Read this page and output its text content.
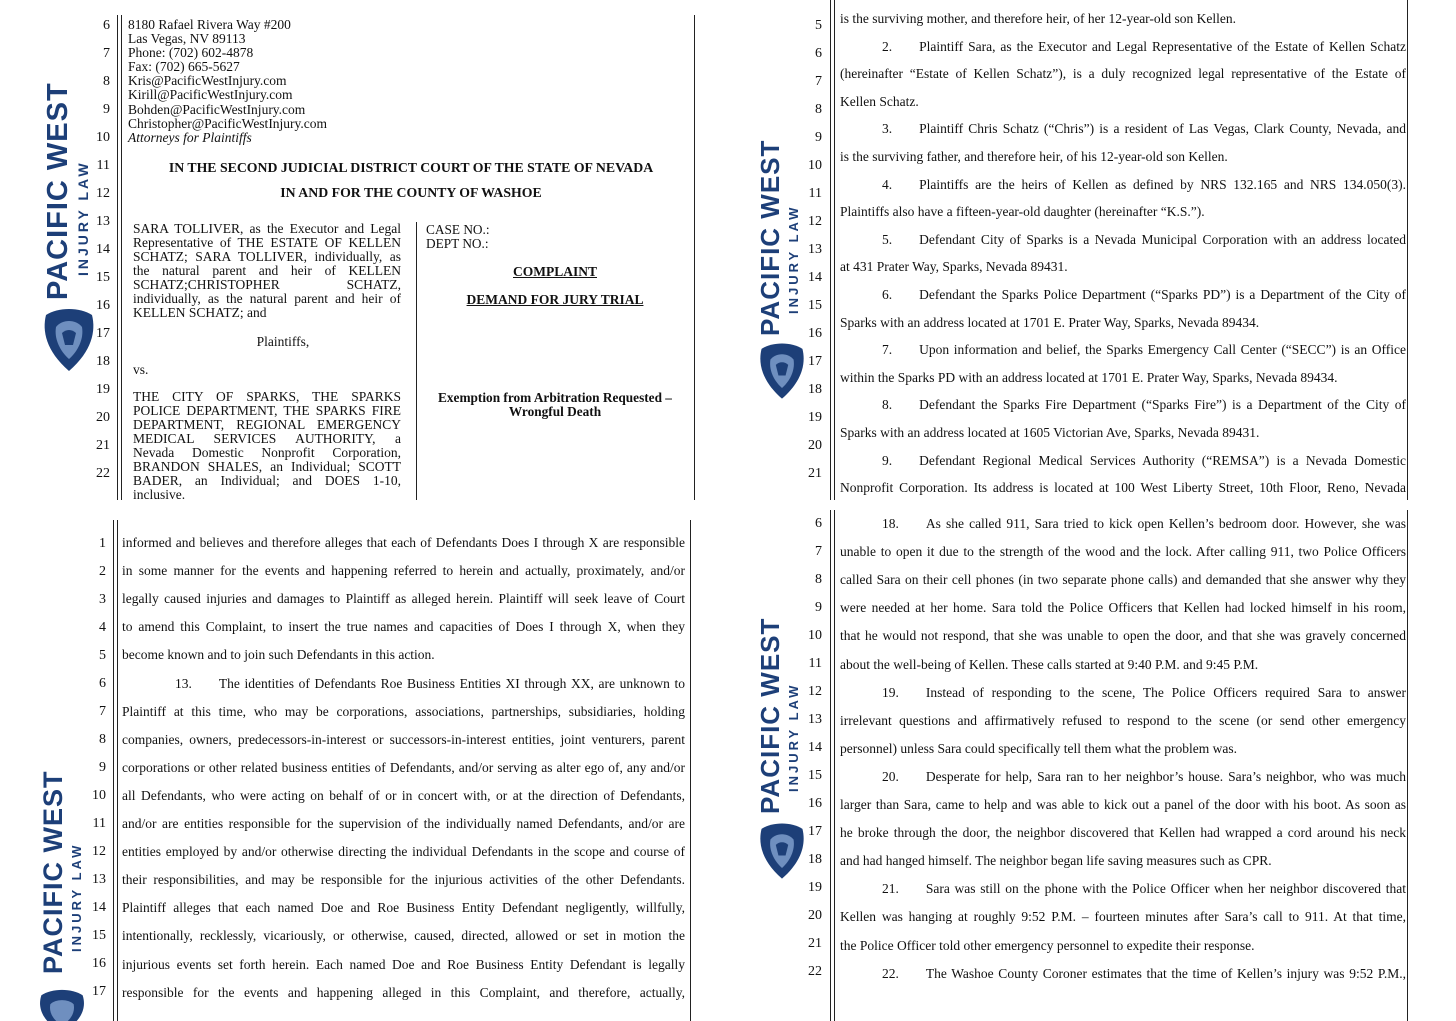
PACIFIC WEST INJURY LAW
6
7
8
9
10
11
12
13
14
15
16
17
18
19
20
21
22
8180 Rafael Rivera Way #200
Las Vegas, NV 89113
Phone: (702) 602-4878
Fax: (702) 665-5627
Kris@PacificWestInjury.com
Kirill@PacificWestInjury.com
Bohden@PacificWestInjury.com
Christopher@PacificWestInjury.com
Attorneys for Plaintiffs
IN THE SECOND JUDICIAL DISTRICT COURT OF THE STATE OF NEVADA
IN AND FOR THE COUNTY OF WASHOE
SARA TOLLIVER, as the Executor and Legal
Representative of THE ESTATE OF KELLEN
SCHATZ; SARA TOLLIVER, individually, as
the natural parent and heir of KELLEN
SCHATZ;CHRISTOPHER SCHATZ,
individually, as the natural parent and heir of
KELLEN SCHATZ; and
Plaintiffs,
vs.
THE CITY OF SPARKS, THE SPARKS
POLICE DEPARTMENT, THE SPARKS FIRE
DEPARTMENT, REGIONAL EMERGENCY
MEDICAL SERVICES AUTHORITY, a
Nevada Domestic Nonprofit Corporation,
BRANDON SHALES, an Individual; SCOTT
BADER, an Individual; and DOES 1-10,
inclusive.
CASE NO.:
DEPT NO.:
COMPLAINT
DEMAND FOR JURY TRIAL
Exemption from Arbitration Requested –
Wrongful Death
PACIFIC WEST INJURY LAW
5
6
7
8
9
10
11
12
13
14
15
16
17
18
19
20
21
is the surviving mother, and therefore heir, of her 12-year-old son Kellen.
2.  Plaintiff Sara, as the Executor and Legal Representative of the Estate of Kellen Schatz
(hereinafter “Estate of Kellen Schatz”), is a duly recognized legal representative of the Estate of
Kellen Schatz.
3.  Plaintiff Chris Schatz (“Chris”) is a resident of Las Vegas, Clark County, Nevada, and
is the surviving father, and therefore heir, of his 12-year-old son Kellen.
4.  Plaintiffs are the heirs of Kellen as defined by NRS 132.165 and NRS 134.050(3).
Plaintiffs also have a fifteen-year-old daughter (hereinafter “K.S.”).
5.  Defendant City of Sparks is a Nevada Municipal Corporation with an address located
at 431 Prater Way, Sparks, Nevada 89431.
6.  Defendant the Sparks Police Department (“Sparks PD”) is a Department of the City of
Sparks with an address located at 1701 E. Prater Way, Sparks, Nevada 89434.
7.  Upon information and belief, the Sparks Emergency Call Center (“SECC”) is an Office
within the Sparks PD with an address located at 1701 E. Prater Way, Sparks, Nevada 89434.
8.  Defendant the Sparks Fire Department (“Sparks Fire”) is a Department of the City of
Sparks with an address located at 1605 Victorian Ave, Sparks, Nevada 89431.
9.  Defendant Regional Medical Services Authority (“REMSA”) is a Nevada Domestic
Nonprofit Corporation. Its address is located at 100 West Liberty Street, 10th Floor, Reno, Nevada
PACIFIC WEST INJURY LAW
1
2
3
4
5
6
7
8
9
10
11
12
13
14
15
16
17
informed and believes and therefore alleges that each of Defendants Does I through X are responsible
in some manner for the events and happening referred to herein and actually, proximately, and/or
legally caused injuries and damages to Plaintiff as alleged herein. Plaintiff will seek leave of Court
to amend this Complaint, to insert the true names and capacities of Does I through X, when they
become known and to join such Defendants in this action.
13.  The identities of Defendants Roe Business Entities XI through XX, are unknown to
Plaintiff at this time, who may be corporations, associations, partnerships, subsidiaries, holding
companies, owners, predecessors-in-interest or successors-in-interest entities, joint venturers, parent
corporations or other related business entities of Defendants, and/or serving as alter ego of, any and/or
all Defendants, who were acting on behalf of or in concert with, or at the direction of Defendants,
and/or are entities responsible for the supervision of the individually named Defendants, and/or are
entities employed by and/or otherwise directing the individual Defendants in the scope and course of
their responsibilities, and may be responsible for the injurious activities of the other Defendants.
Plaintiff alleges that each named Doe and Roe Business Entity Defendant negligently, willfully,
intentionally, recklessly, vicariously, or otherwise, caused, directed, allowed or set in motion the
injurious events set forth herein. Each named Doe and Roe Business Entity Defendant is legally
responsible for the events and happening alleged in this Complaint, and therefore, actually,
PACIFIC WEST INJURY LAW
6
7
8
9
10
11
12
13
14
15
16
17
18
19
20
21
22
18.  As she called 911, Sara tried to kick open Kellen’s bedroom door. However, she was
unable to open it due to the strength of the wood and the lock. After calling 911, two Police Officers
called Sara on their cell phones (in two separate phone calls) and demanded that she answer why they
were needed at her home. Sara told the Police Officers that Kellen had locked himself in his room,
that he would not respond, that she was unable to open the door, and that she was gravely concerned
about the well-being of Kellen. These calls started at 9:40 P.M. and 9:45 P.M.
19.  Instead of responding to the scene, The Police Officers required Sara to answer
irrelevant questions and affirmatively refused to respond to the scene (or send other emergency
personnel) unless Sara could specifically tell them what the problem was.
20.  Desperate for help, Sara ran to her neighbor’s house. Sara’s neighbor, who was much
larger than Sara, came to help and was able to kick out a panel of the door with his boot. As soon as
he broke through the door, the neighbor discovered that Kellen had wrapped a cord around his neck
and had hanged himself. The neighbor began life saving measures such as CPR.
21.  Sara was still on the phone with the Police Officer when her neighbor discovered that
Kellen was hanging at roughly 9:52 P.M. – fourteen minutes after Sara’s call to 911. At that time,
the Police Officer told other emergency personnel to expedite their response.
22.  The Washoe County Coroner estimates that the time of Kellen’s injury was 9:52 P.M.,
